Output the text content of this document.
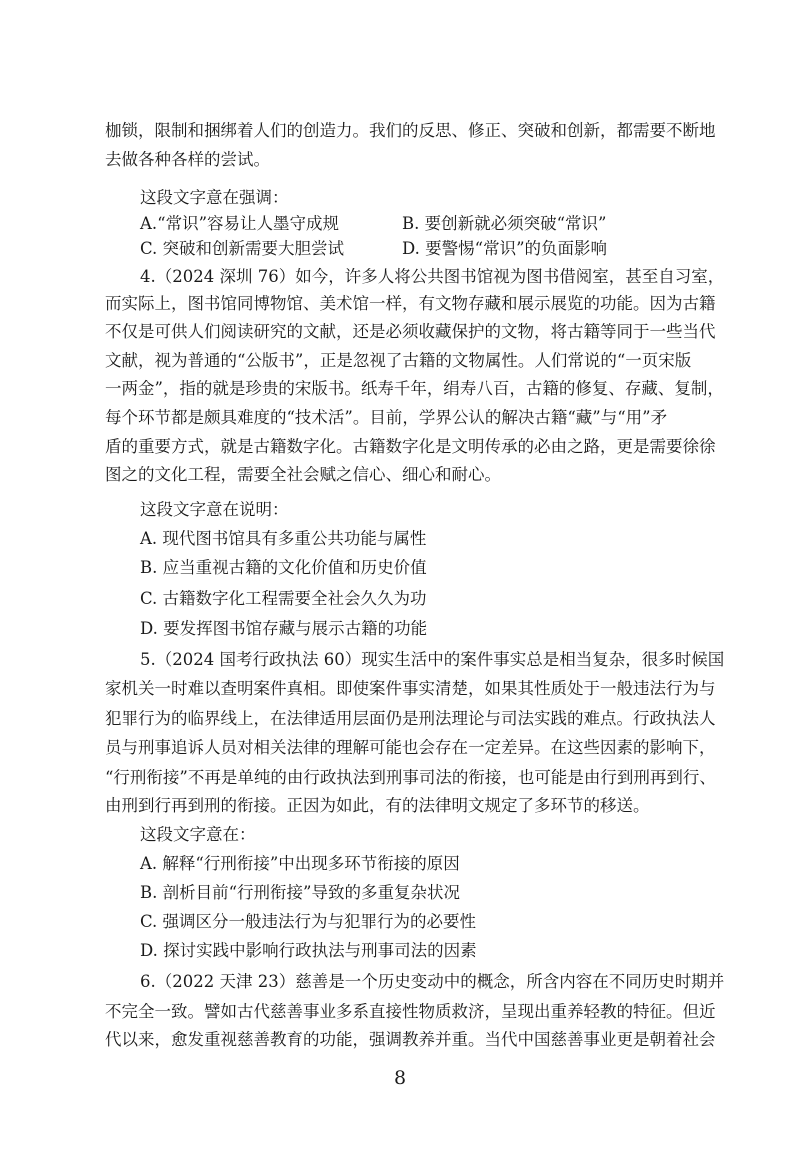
枷锁，限制和捆绑着人们的创造力。我们的反思、修正、突破和创新，都需要不断地
去做各种各样的尝试。
这段文字意在强调：
A.“常识”容易让人墨守成规	B. 要创新就必须突破“常识”
C. 突破和创新需要大胆尝试	D. 要警惕“常识”的负面影响
4.（2024 深圳 76）如今，许多人将公共图书馆视为图书借阅室，甚至自习室，
而实际上，图书馆同博物馆、美术馆一样，有文物存藏和展示展览的功能。因为古籍
不仅是可供人们阅读研究的文献，还是必须收藏保护的文物，将古籍等同于一些当代
文献，视为普通的“公版书”，正是忽视了古籍的文物属性。人们常说的“一页宋版
一两金”，指的就是珍贵的宋版书。纸寿千年，绢寿八百，古籍的修复、存藏、复制，
每个环节都是颇具难度的“技术活”。目前，学界公认的解决古籍“藏”与“用”矛
盾的重要方式，就是古籍数字化。古籍数字化是文明传承的必由之路，更是需要徐徐
图之的文化工程，需要全社会赋之信心、细心和耐心。
这段文字意在说明：
A. 现代图书馆具有多重公共功能与属性
B. 应当重视古籍的文化价值和历史价值
C. 古籍数字化工程需要全社会久久为功
D. 要发挥图书馆存藏与展示古籍的功能
5.（2024 国考行政执法 60）现实生活中的案件事实总是相当复杂，很多时候国
家机关一时难以查明案件真相。即使案件事实清楚，如果其性质处于一般违法行为与
犯罪行为的临界线上，在法律适用层面仍是刑法理论与司法实践的难点。行政执法人
员与刑事追诉人员对相关法律的理解可能也会存在一定差异。在这些因素的影响下，
“行刑衔接”不再是单纯的由行政执法到刑事司法的衔接，也可能是由行到刑再到行、
由刑到行再到刑的衔接。正因为如此，有的法律明文规定了多环节的移送。
这段文字意在：
A. 解释“行刑衔接”中出现多环节衔接的原因
B. 剖析目前“行刑衔接”导致的多重复杂状况
C. 强调区分一般违法行为与犯罪行为的必要性
D. 探讨实践中影响行政执法与刑事司法的因素
6.（2022 天津 23）慈善是一个历史变动中的概念，所含内容在不同历史时期并
不完全一致。譬如古代慈善事业多系直接性物质救济，呈现出重养轻教的特征。但近
代以来，愈发重视慈善教育的功能，强调教养并重。当代中国慈善事业更是朝着社会
8
